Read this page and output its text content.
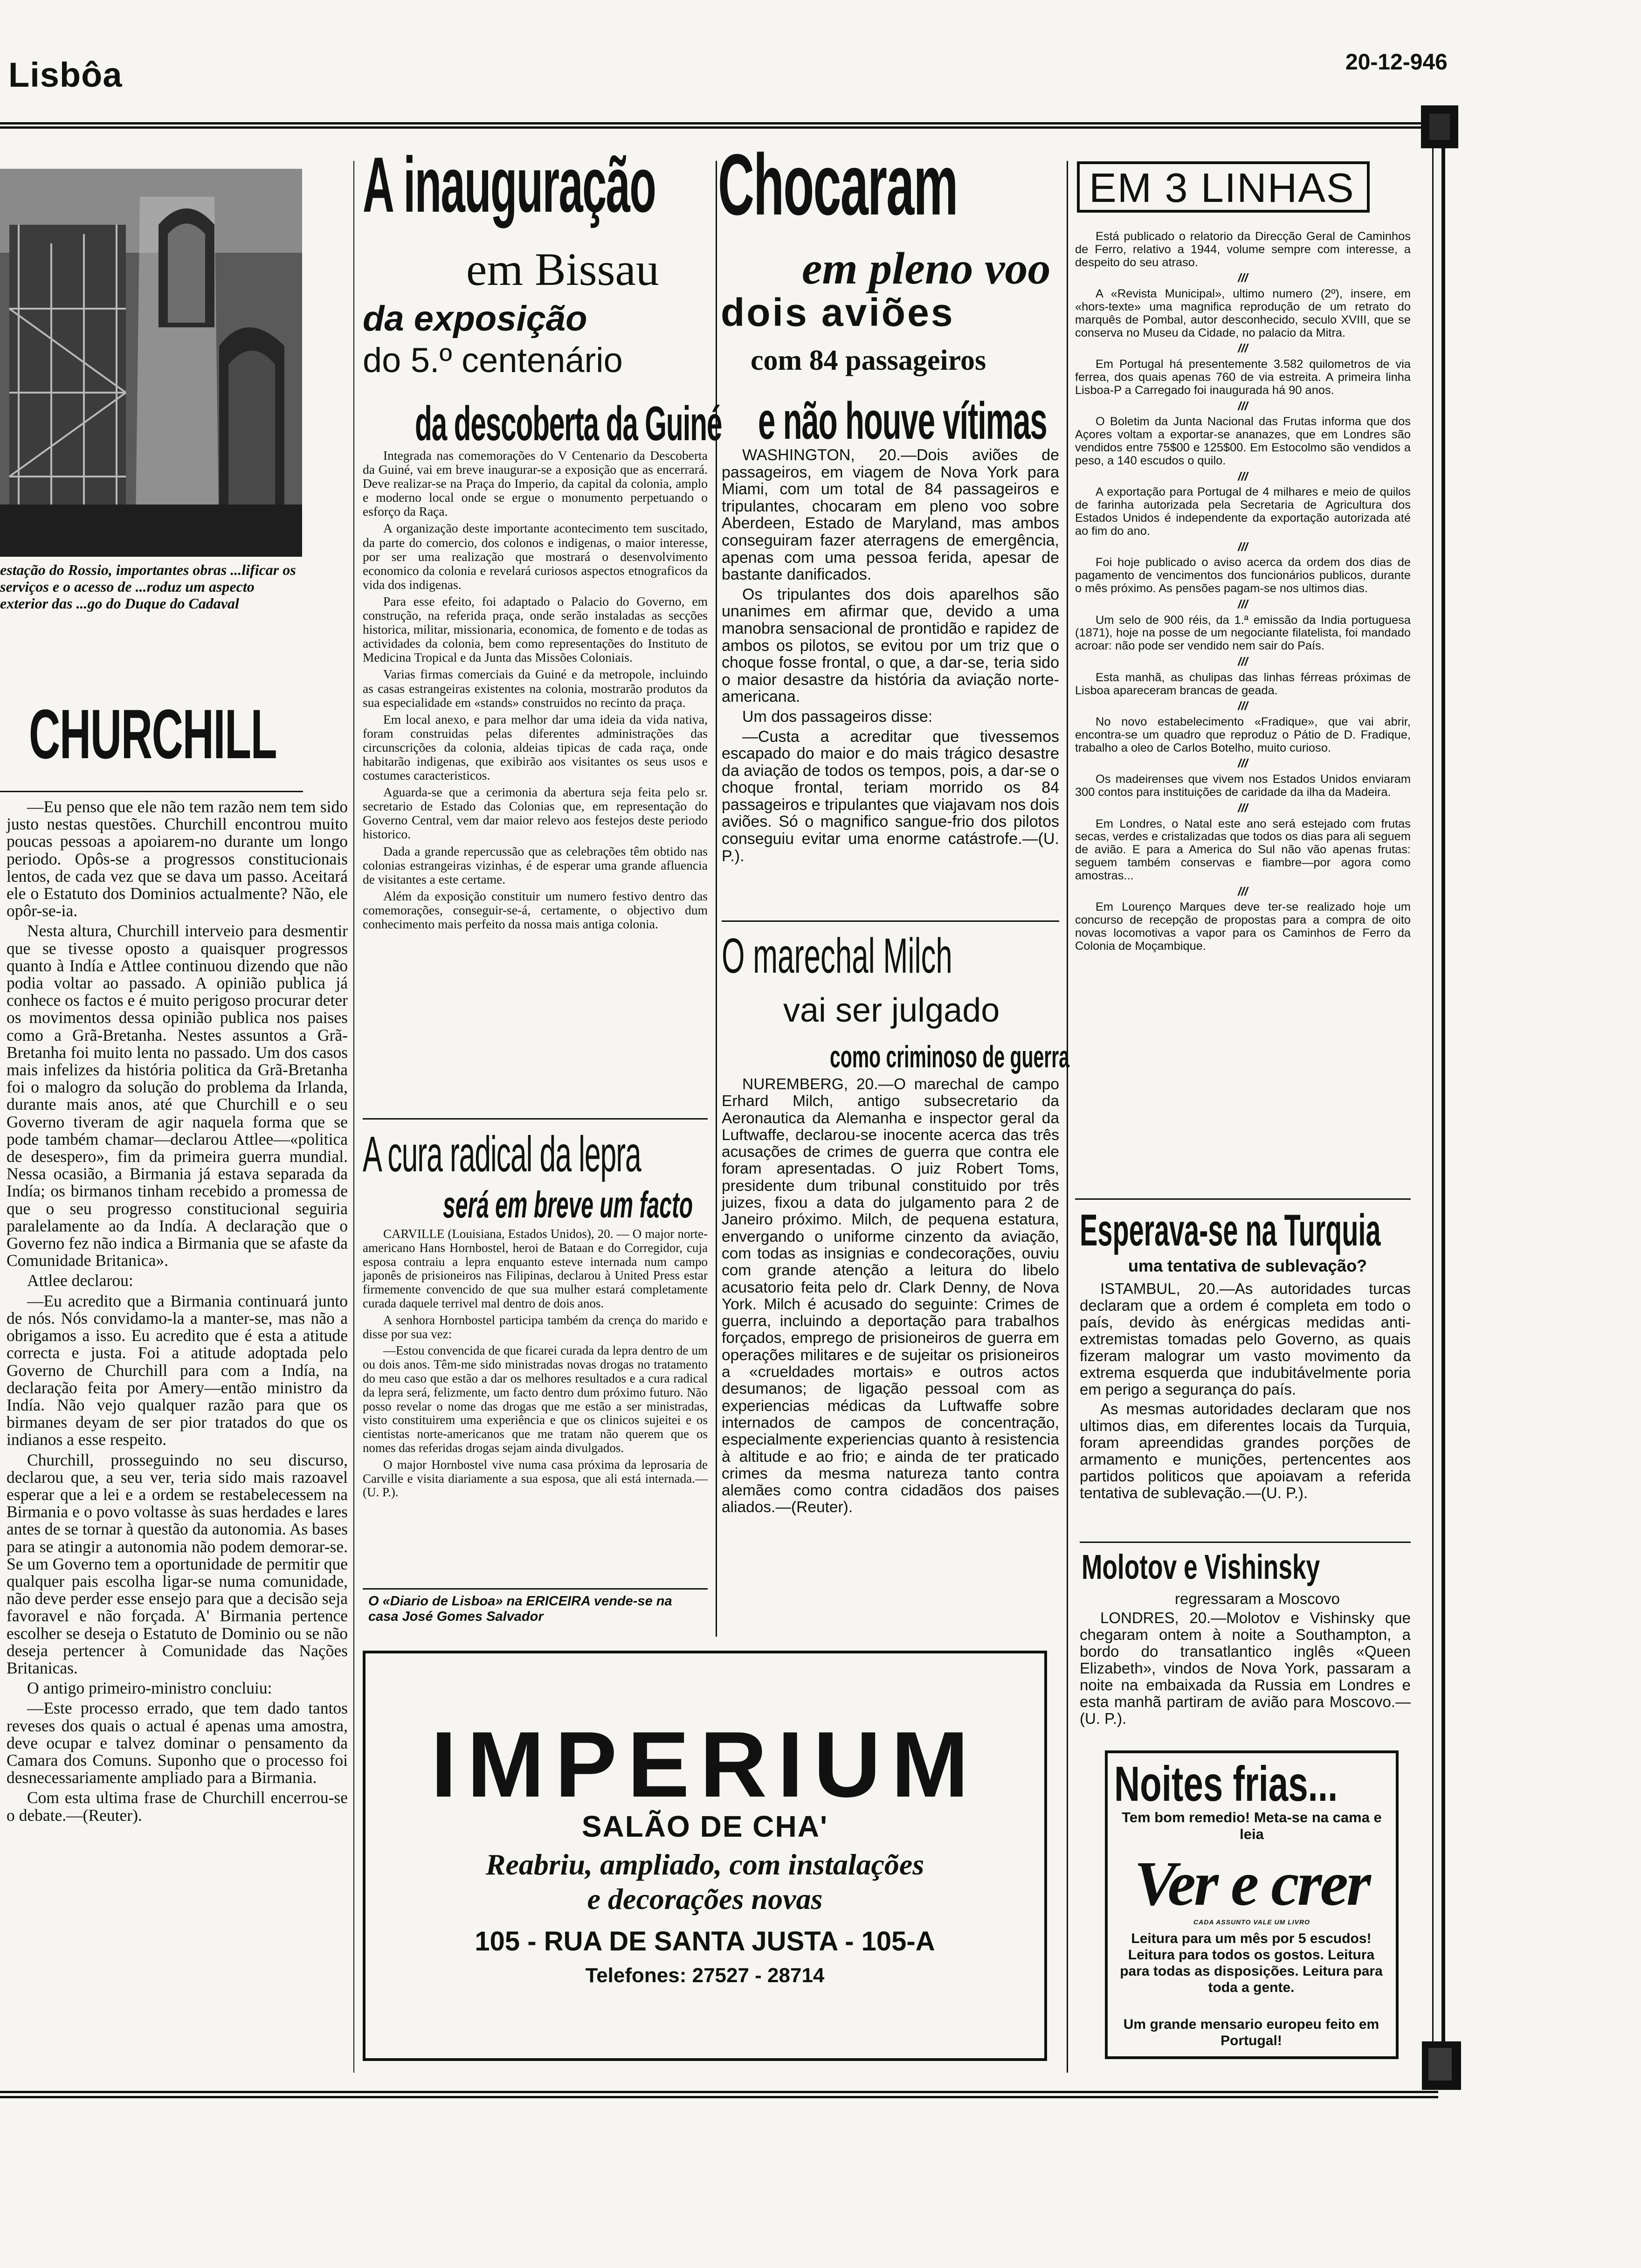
Lisbôa	20-12-946
estação do Rossio, importantes obras ...lificar os serviços e o acesso de ...roduz um aspecto exterior das ...go do Duque do Cadaval
CHURCHILL

—Eu penso que ele não tem razão nem tem sido justo nestas questões. Churchill encontrou muito poucas pessoas a apoiarem-no durante um longo periodo. Opôs-se a progressos constitucionais lentos, de cada vez que se dava um passo. Aceitará ele o Estatuto dos Dominios actualmente? Não, ele opôr-se-ia.

Nesta altura, Churchill interveio para desmentir que se tivesse oposto a quaisquer progressos quanto à Indía e Attlee continuou dizendo que não podia voltar ao passado. A opinião publica já conhece os factos e é muito perigoso procurar deter os movimentos dessa opinião publica nos paises como a Grã-Bretanha. Nestes assuntos a Grã-Bretanha foi muito lenta no passado. Um dos casos mais infelizes da história politica da Grã-Bretanha foi o malogro da solução do problema da Irlanda, durante mais anos, até que Churchill e o seu Governo tiveram de agir naquela forma que se pode também chamar—declarou Attlee—«politica de desespero», fim da primeira guerra mundial. Nessa ocasião, a Birmania já estava separada da Indía; os birmanos tinham recebido a promessa de que o seu progresso constitucional seguiria paralelamente ao da Indía. A declaração que o Governo fez não indica a Birmania que se afaste da Comunidade Britanica».

Attlee declarou:

—Eu acredito que a Birmania continuará junto de nós. Nós convidamo-la a manter-se, mas não a obrigamos a isso. Eu acredito que é esta a atitude correcta e justa. Foi a atitude adoptada pelo Governo de Churchill para com a Indía, na declaração feita por Amery—então ministro da Indía. Não vejo qualquer razão para que os birmanes deyam de ser pior tratados do que os indianos a esse respeito.

Churchill, prosseguindo no seu discurso, declarou que, a seu ver, teria sido mais razoavel esperar que a lei e a ordem se restabelecessem na Birmania e o povo voltasse às suas herdades e lares antes de se tornar à questão da autonomia. As bases para se atingir a autonomia não podem demorar-se. Se um Governo tem a oportunidade de permitir que qualquer pais escolha ligar-se numa comunidade, não deve perder esse ensejo para que a decisão seja favoravel e não forçada. A' Birmania pertence escolher se deseja o Estatuto de Dominio ou se não deseja pertencer à Comunidade das Nações Britanicas.

O antigo primeiro-ministro concluiu:

—Este processo errado, que tem dado tantos reveses dos quais o actual é apenas uma amostra, deve ocupar e talvez dominar o pensamento da Camara dos Comuns. Suponho que o processo foi desnecessariamente ampliado para a Birmania.

Com esta ultima frase de Churchill encerrou-se o debate.—(Reuter).

A inauguração
em Bissau
da exposição
do 5.º centenário
da descoberta da Guiné

Integrada nas comemorações do V Centenario da Descoberta da Guiné, vai em breve inaugurar-se a exposição que as encerrará. Deve realizar-se na Praça do Imperio, da capital da colonia, amplo e moderno local onde se ergue o monumento perpetuando o esforço da Raça.

A organização deste importante acontecimento tem suscitado, da parte do comercio, dos colonos e indigenas, o maior interesse, por ser uma realização que mostrará o desenvolvimento economico da colonia e revelará curiosos aspectos etnograficos da vida dos indigenas.

Para esse efeito, foi adaptado o Palacio do Governo, em construção, na referida praça, onde serão instaladas as secções historica, militar, missionaria, economica, de fomento e de todas as actividades da colonia, bem como representações do Instituto de Medicina Tropical e da Junta das Missões Coloniais.

Varias firmas comerciais da Guiné e da metropole, incluindo as casas estrangeiras existentes na colonia, mostrarão produtos da sua especialidade em «stands» construidos no recinto da praça.

Em local anexo, e para melhor dar uma ideia da vida nativa, foram construidas pelas diferentes administrações das circunscrições da colonia, aldeias tipicas de cada raça, onde habitarão indigenas, que exibirão aos visitantes os seus usos e costumes caracteristicos.

Aguarda-se que a cerimonia da abertura seja feita pelo sr. secretario de Estado das Colonias que, em representação do Governo Central, vem dar maior relevo aos festejos deste periodo historico.

Dada a grande repercussão que as celebrações têm obtido nas colonias estrangeiras vizinhas, é de esperar uma grande afluencia de visitantes a este certame.

Além da exposição constituir um numero festivo dentro das comemorações, conseguir-se-á, certamente, o objectivo dum conhecimento mais perfeito da nossa mais antiga colonia.

A cura radical da lepra
será em breve um facto

CARVILLE (Louisiana, Estados Unidos), 20. — O major norte-americano Hans Hornbostel, heroi de Bataan e do Corregidor, cuja esposa contraiu a lepra enquanto esteve internada num campo japonês de prisioneiros nas Filipinas, declarou à United Press estar firmemente convencido de que sua mulher estará completamente curada daquele terrivel mal dentro de dois anos.

A senhora Hornbostel participa também da crença do marido e disse por sua vez:

—Estou convencida de que ficarei curada da lepra dentro de um ou dois anos. Têm-me sido ministradas novas drogas no tratamento do meu caso que estão a dar os melhores resultados e a cura radical da lepra será, felizmente, um facto dentro dum próximo futuro. Não posso revelar o nome das drogas que me estão a ser ministradas, visto constituirem uma experiência e que os clinicos sujeitei e os cientistas norte-americanos que me tratam não querem que os nomes das referidas drogas sejam ainda divulgados.

O major Hornbostel vive numa casa próxima da leprosaria de Carville e visita diariamente a sua esposa, que ali está internada.—(U. P.).

O «Diario de Lisboa» na ERICEIRA vende-se na casa José Gomes Salvador
Chocaram
em pleno voo
dois aviões
com 84 passageiros
e não houve vítimas

WASHINGTON, 20.—Dois aviões de passageiros, em viagem de Nova York para Miami, com um total de 84 passageiros e tripulantes, chocaram em pleno voo sobre Aberdeen, Estado de Maryland, mas ambos conseguiram fazer aterragens de emergência, apenas com uma pessoa ferida, apesar de bastante danificados.

Os tripulantes dos dois aparelhos são unanimes em afirmar que, devido a uma manobra sensacional de prontidão e rapidez de ambos os pilotos, se evitou por um triz que o choque fosse frontal, o que, a dar-se, teria sido o maior desastre da história da aviação norte-americana.

Um dos passageiros disse:

—Custa a acreditar que tivessemos escapado do maior e do mais trágico desastre da aviação de todos os tempos, pois, a dar-se o choque frontal, teriam morrido os 84 passageiros e tripulantes que viajavam nos dois aviões. Só o magnifico sangue-frio dos pilotos conseguiu evitar uma enorme catástrofe.—(U. P.).

O marechal Milch
vai ser julgado
como criminoso de guerra

NUREMBERG, 20.—O marechal de campo Erhard Milch, antigo subsecretario da Aeronautica da Alemanha e inspector geral da Luftwaffe, declarou-se inocente acerca das três acusações de crimes de guerra que contra ele foram apresentadas. O juiz Robert Toms, presidente dum tribunal constituido por três juizes, fixou a data do julgamento para 2 de Janeiro próximo. Milch, de pequena estatura, envergando o uniforme cinzento da aviação, com todas as insignias e condecorações, ouviu com grande atenção a leitura do libelo acusatorio feita pelo dr. Clark Denny, de Nova York. Milch é acusado do seguinte: Crimes de guerra, incluindo a deportação para trabalhos forçados, emprego de prisioneiros de guerra em operações militares e de sujeitar os prisioneiros a «crueldades mortais» e outros actos desumanos; de ligação pessoal com as experiencias médicas da Luftwaffe sobre internados de campos de concentração, especialmente experiencias quanto à resistencia à altitude e ao frio; e ainda de ter praticado crimes da mesma natureza tanto contra alemães como contra cidadãos dos paises aliados.—(Reuter).

EM 3 LINHAS

Está publicado o relatorio da Direcção Geral de Caminhos de Ferro, relativo a 1944, volume sempre com interesse, a despeito do seu atraso.

///

A «Revista Municipal», ultimo numero (2º), insere, em «hors-texte» uma magnifica reprodução de um retrato do marquês de Pombal, autor desconhecido, seculo XVIII, que se conserva no Museu da Cidade, no palacio da Mitra.

///

Em Portugal há presentemente 3.582 quilometros de via ferrea, dos quais apenas 760 de via estreita. A primeira linha Lisboa-P a Carregado foi inaugurada há 90 anos.

///

O Boletim da Junta Nacional das Frutas informa que dos Açores voltam a exportar-se ananazes, que em Londres são vendidos entre 75$00 e 125$00. Em Estocolmo são vendidos a peso, a 140 escudos o quilo.

///

A exportação para Portugal de 4 milhares e meio de quilos de farinha autorizada pela Secretaria de Agricultura dos Estados Unidos é independente da exportação autorizada até ao fim do ano.

///

Foi hoje publicado o aviso acerca da ordem dos dias de pagamento de vencimentos dos funcionários publicos, durante o mês próximo. As pensões pagam-se nos ultimos dias.

///

Um selo de 900 réis, da 1.ª emissão da India portuguesa (1871), hoje na posse de um negociante filatelista, foi mandado acroar: não pode ser vendido nem sair do País.

///

Esta manhã, as chulipas das linhas férreas próximas de Lisboa apareceram brancas de geada.

///

No novo estabelecimento «Fradique», que vai abrir, encontra-se um quadro que reproduz o Pátio de D. Fradique, trabalho a oleo de Carlos Botelho, muito curioso.

///

Os madeirenses que vivem nos Estados Unidos enviaram 300 contos para instituições de caridade da ilha da Madeira.

///

Em Londres, o Natal este ano será estejado com frutas secas, verdes e cristalizadas que todos os dias para ali seguem de avião. E para a America do Sul não vão apenas frutas: seguem também conservas e fiambre—por agora como amostras...

///

Em Lourenço Marques deve ter-se realizado hoje um concurso de recepção de propostas para a compra de oito novas locomotivas a vapor para os Caminhos de Ferro da Colonia de Moçambique.

Esperava-se na Turquia
uma tentativa de sublevação?

ISTAMBUL, 20.—As autoridades turcas declaram que a ordem é completa em todo o país, devido às enérgicas medidas anti-extremistas tomadas pelo Governo, as quais fizeram malograr um vasto movimento da extrema esquerda que indubitávelmente poria em perigo a segurança do país.

As mesmas autoridades declaram que nos ultimos dias, em diferentes locais da Turquia, foram apreendidas grandes porções de armamento e munições, pertencentes aos partidos politicos que apoiavam a referida tentativa de sublevação.—(U. P.).

Molotov e Vishinsky
regressaram a Moscovo

LONDRES, 20.—Molotov e Vishinsky que chegaram ontem à noite a Southampton, a bordo do transatlantico inglês «Queen Elizabeth», vindos de Nova York, passaram a noite na embaixada da Russia em Londres e esta manhã partiram de avião para Moscovo.—(U. P.).

IMPERIUM
SALÃO DE CHA'
Reabriu, ampliado, com instalações
e decorações novas
105 - RUA DE SANTA JUSTA - 105-A
Telefones: 27527 - 28714
Noites frias...
Tem bom remedio! Meta-se na cama e leia
Ver e crer
CADA ASSUNTO VALE UM LIVRO
Leitura para um mês por 5 escudos! Leitura para todos os gostos. Leitura para todas as disposições. Leitura para toda a gente.
Um grande mensario europeu feito em Portugal!
